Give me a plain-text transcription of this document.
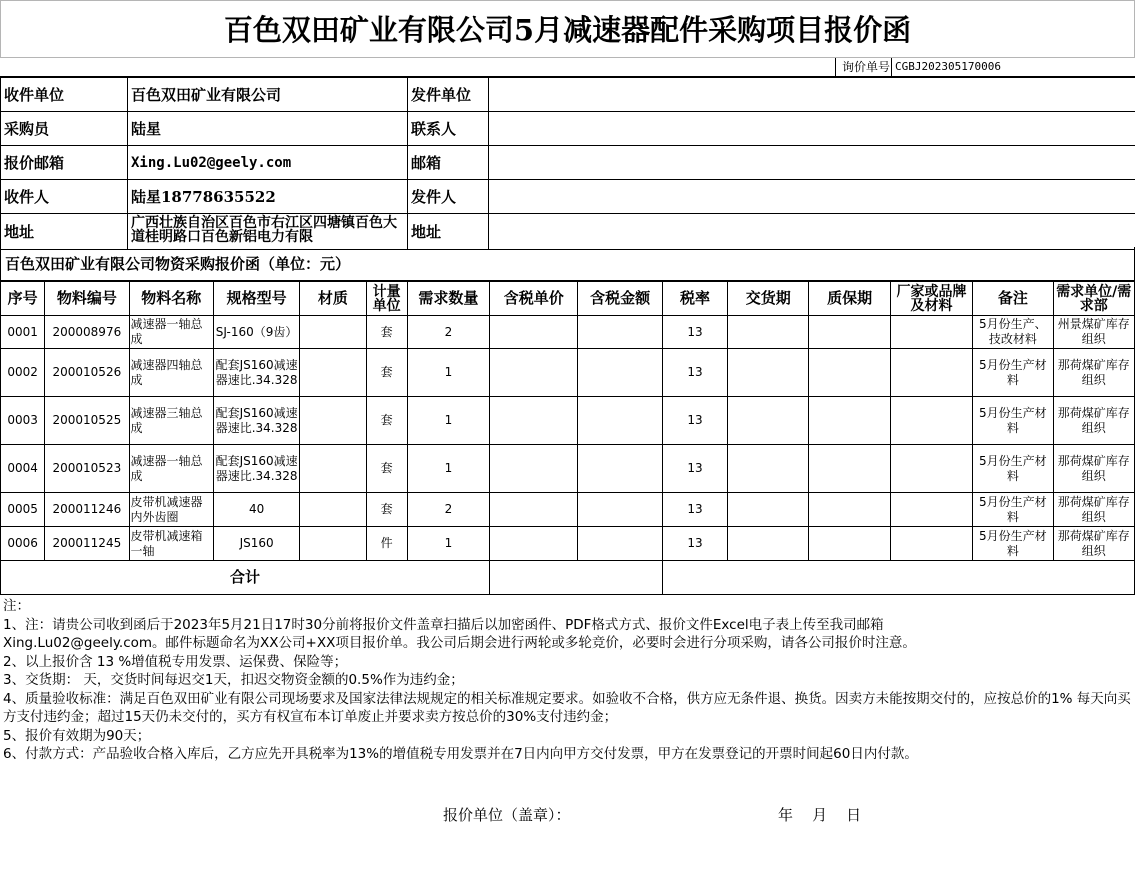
百色双田矿业有限公司5月减速器配件采购项目报价函
询价单号 CGBJ202305170006
收件单位	百色双田矿业有限公司	发件单位	
采购员	陆星	联系人	
报价邮箱	Xing.Lu02@geely.com	邮箱	
收件人	陆星18778635522	发件人	
地址	广西壮族自治区百色市右江区四塘镇百色大道桂明路口百色新铝电力有限	地址	
百色双田矿业有限公司物资采购报价函（单位：元）
序号	物料编号	物料名称	规格型号	材质	计量单位	需求数量	含税单价	含税金额	税率	交货期	质保期	厂家或品牌及材料	备注	需求单位/需求部
0001	200008976	减速器一轴总成	SJ-160（9齿）		套	2			13				5月份生产、技改材料	州景煤矿库存组织
0002	200010526	减速器四轴总成	配套JS160减速器速比.34.328		套	1			13				5月份生产材料	那荷煤矿库存组织
0003	200010525	减速器三轴总成	配套JS160减速器速比.34.328		套	1			13				5月份生产材料	那荷煤矿库存组织
0004	200010523	减速器一轴总成	配套JS160减速器速比.34.328		套	1			13				5月份生产材料	那荷煤矿库存组织
0005	200011246	皮带机减速器内外齿圈	40		套	2			13				5月份生产材料	那荷煤矿库存组织
0006	200011245	皮带机减速箱一轴	JS160		件	1			13				5月份生产材料	那荷煤矿库存组织
合计														

注：

1、注：请贵公司收到函后于2023年5月21日17时30分前将报价文件盖章扫描后以加密函件、PDF格式方式、报价文件Excel电子表上传至我司邮箱

Xing.Lu02@geely.com。邮件标题命名为XX公司+XX项目报价单。我公司后期会进行两轮或多轮竞价，必要时会进行分项采购，请各公司报价时注意。

2、以上报价含 13 %增值税专用发票、运保费、保险等；

3、交货期： 天，交货时间每迟交1天，扣迟交物资金额的0.5%作为违约金；

4、质量验收标准：满足百色双田矿业有限公司现场要求及国家法律法规规定的相关标准规定要求。如验收不合格，供方应无条件退、换货。因卖方未能按期交付的，应按总价的1% 每天向买方支付违约金；超过15天仍未交付的，买方有权宣布本订单废止并要求卖方按总价的30%支付违约金；

5、报价有效期为90天；

6、付款方式：产品验收合格入库后，乙方应先开具税率为13%的增值税专用发票并在7日内向甲方交付发票，甲方在发票登记的开票时间起60日内付款。

报价单位（盖章）：	年    月    日
